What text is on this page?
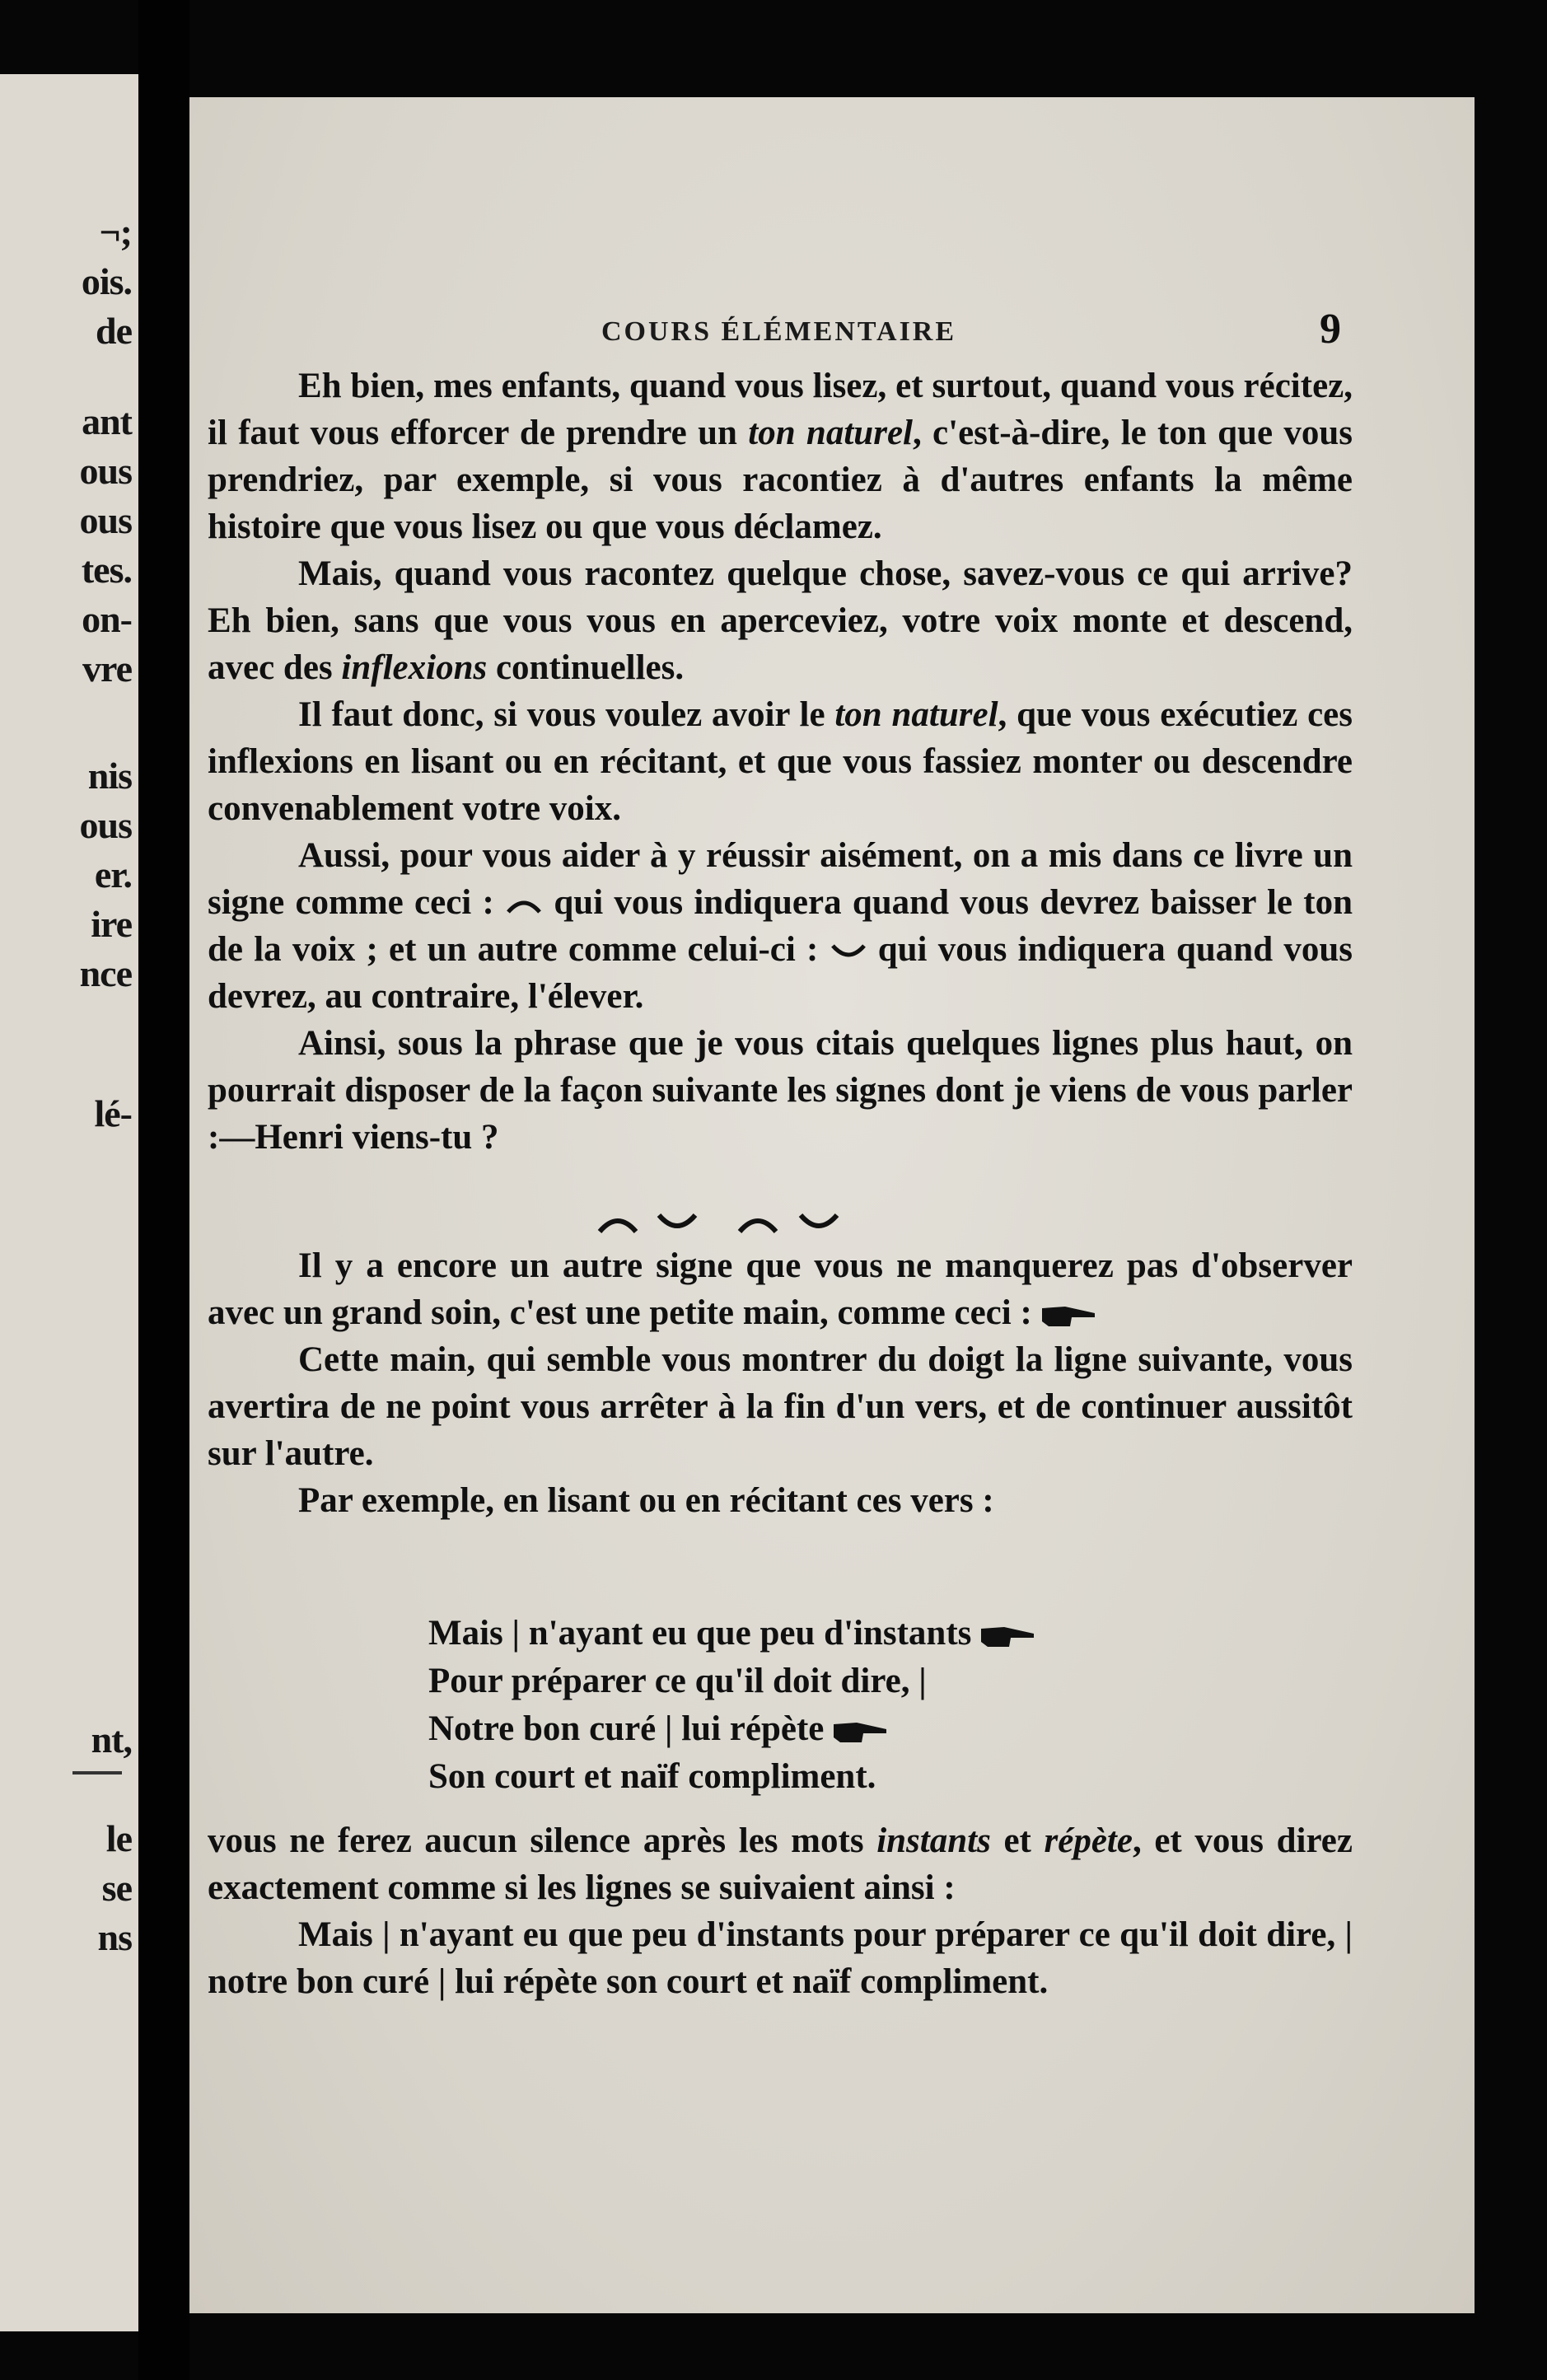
¬;
ois.
de
ant
ous
ous
tes.
on-
vre
nis
ous
er.
ire
nce
lé-
nt,
le
se
ns
COURS ÉLÉMENTAIRE	9

Eh bien, mes enfants, quand vous lisez, et surtout, quand vous récitez, il faut vous efforcer de prendre un ton naturel, c'est-à-dire, le ton que vous prendriez, par exemple, si vous racontiez à d'autres enfants la même histoire que vous lisez ou que vous déclamez.

Mais, quand vous racontez quelque chose, savez-vous ce qui arrive? Eh bien, sans que vous vous en aperceviez, votre voix monte et descend, avec des inflexions continuelles.

Il faut donc, si vous voulez avoir le ton naturel, que vous exécutiez ces inflexions en lisant ou en récitant, et que vous fassiez monter ou descendre convenablement votre voix.

Aussi, pour vous aider à y réussir aisément, on a mis dans ce livre un signe comme ceci :  qui vous indiquera quand vous devrez baisser le ton de la voix ; et un autre comme celui-ci :  qui vous indiquera quand vous devrez, au contraire, l'élever.

Ainsi, sous la phrase que je vous citais quelques lignes plus haut, on pourrait disposer de la façon suivante les signes dont je viens de vous parler :—Henri viens-tu ?

Il y a encore un autre signe que vous ne manquerez pas d'observer avec un grand soin, c'est une petite main, comme ceci :

Cette main, qui semble vous montrer du doigt la ligne suivante, vous avertira de ne point vous arrêter à la fin d'un vers, et de continuer aussitôt sur l'autre.

Par exemple, en lisant ou en récitant ces vers :

Mais | n'ayant eu que peu d'instants
Pour préparer ce qu'il doit dire, |
Notre bon curé | lui répète
Son court et naïf compliment.

vous ne ferez aucun silence après les mots instants et répète, et vous direz exactement comme si les lignes se suivaient ainsi :

Mais | n'ayant eu que peu d'instants pour préparer ce qu'il doit dire, | notre bon curé | lui répète son court et naïf compliment.
